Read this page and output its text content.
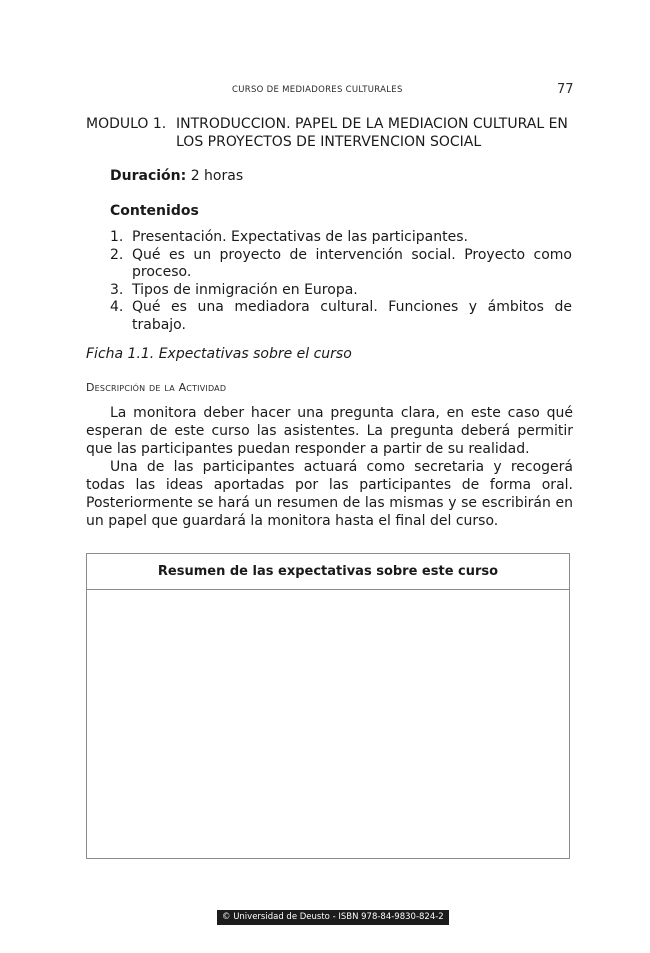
CURSO DE MEDIADORES CULTURALES	77
MODULO 1. INTRODUCCION. PAPEL DE LA MEDIACION CULTURAL EN LOS PROYECTOS DE INTERVENCION SOCIAL
Duración: 2 horas
Contenidos
1. Presentación. Expectativas de las participantes.
2. Qué es un proyecto de intervención social. Proyecto como proceso.
3. Tipos de inmigración en Europa.
4. Qué es una mediadora cultural. Funciones y ámbitos de trabajo.
Ficha 1.1. Expectativas sobre el curso
Descripción de la Actividad

La monitora deber hacer una pregunta clara, en este caso qué esperan de este curso las asistentes. La pregunta deberá permitir que las participantes puedan responder a partir de su realidad.

Una de las participantes actuará como secretaria y recogerá todas las ideas aportadas por las participantes de forma oral. Posteriormente se hará un resumen de las mismas y se escribirán en un papel que guardará la monitora hasta el final del curso.

Resumen de las expectativas sobre este curso
© Universidad de Deusto - ISBN 978-84-9830-824-2
